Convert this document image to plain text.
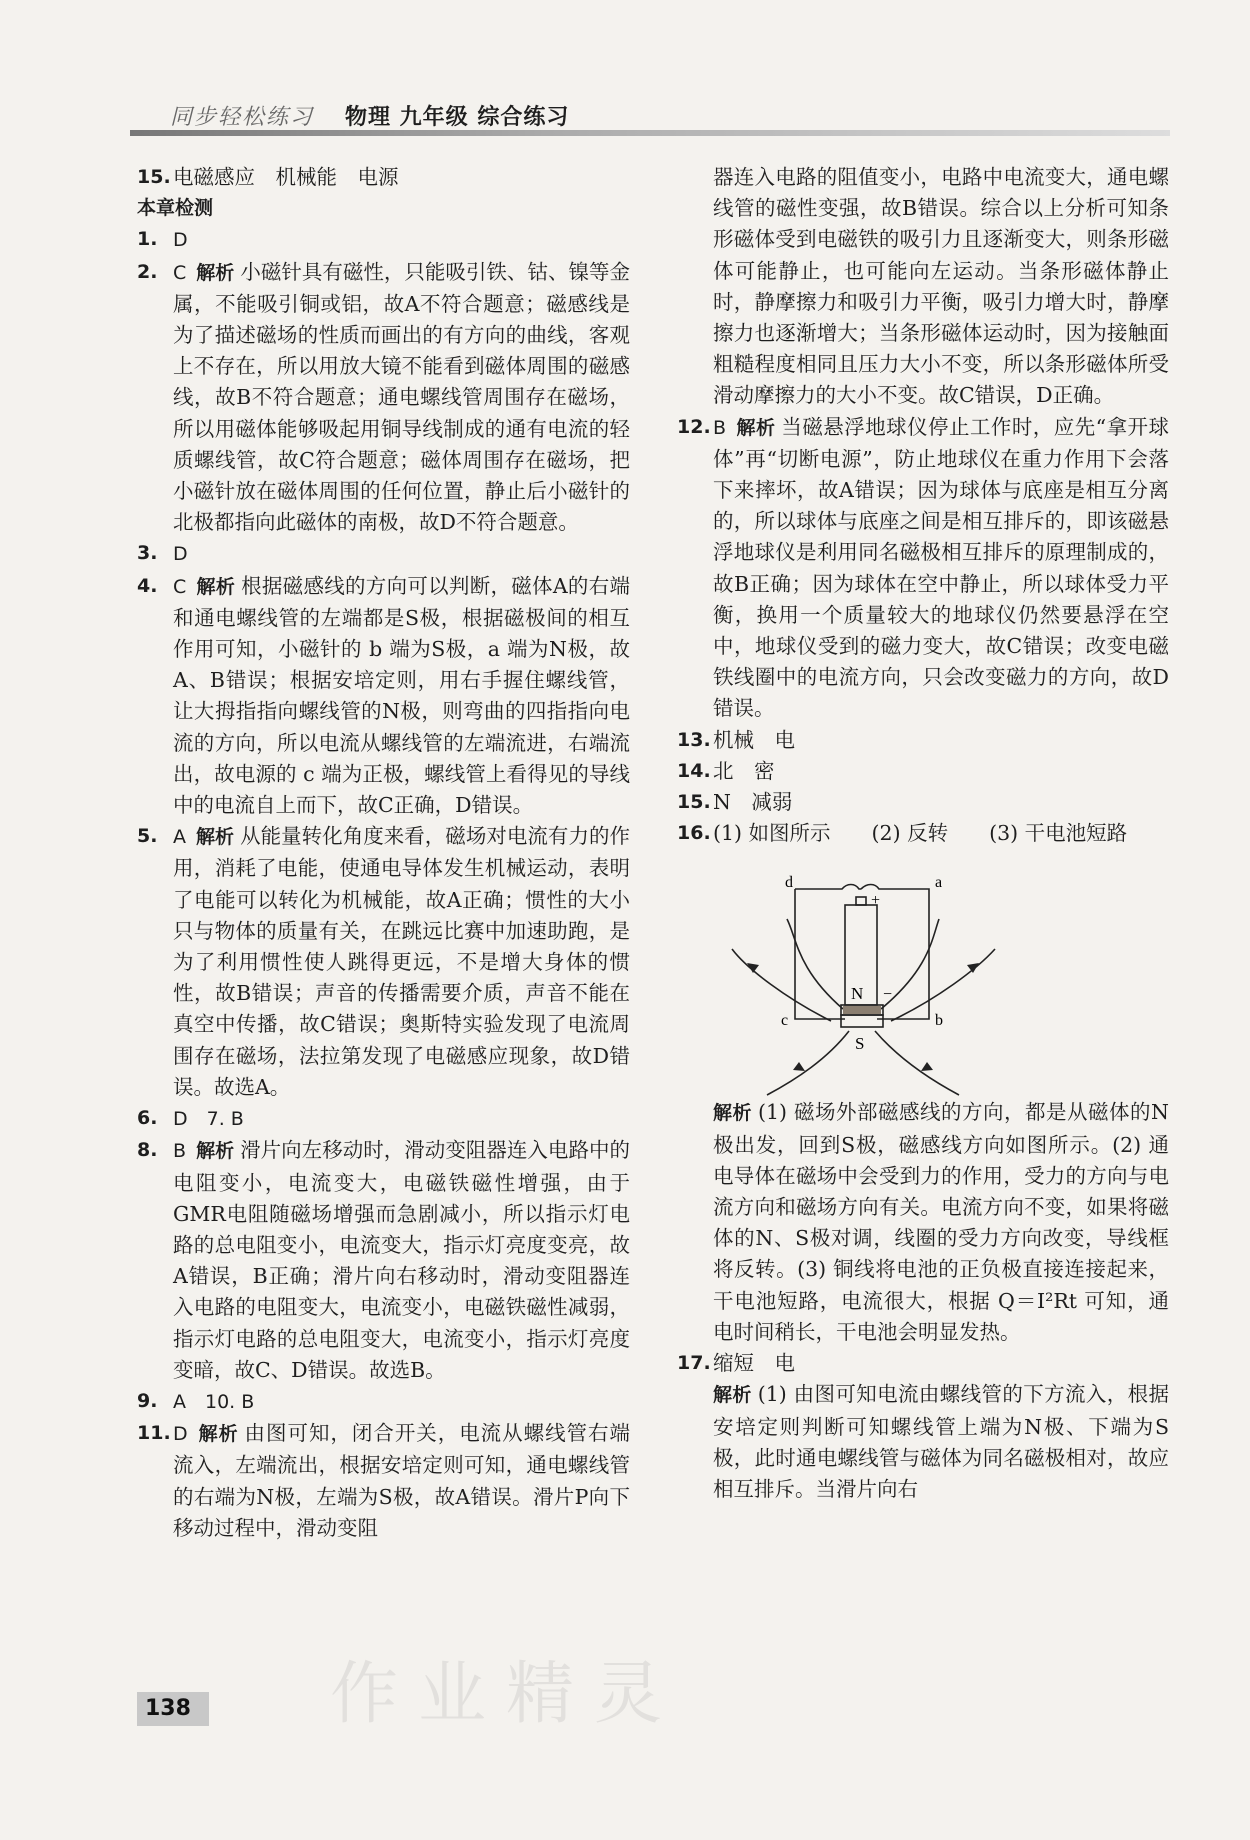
同步轻松练习 物理 九年级 综合练习
15. 电磁感应　机械能　电源
本章检测
1. D
2. C 解析 小磁针具有磁性，只能吸引铁、钴、镍等金属，不能吸引铜或铝，故A不符合题意；磁感线是为了描述磁场的性质而画出的有方向的曲线，客观上不存在，所以用放大镜不能看到磁体周围的磁感线，故B不符合题意；通电螺线管周围存在磁场，所以用磁体能够吸起用铜导线制成的通有电流的轻质螺线管，故C符合题意；磁体周围存在磁场，把小磁针放在磁体周围的任何位置，静止后小磁针的北极都指向此磁体的南极，故D不符合题意。
3. D
4. C 解析 根据磁感线的方向可以判断，磁体A的右端和通电螺线管的左端都是S极，根据磁极间的相互作用可知，小磁针的 b 端为S极，a 端为N极，故A、B错误；根据安培定则，用右手握住螺线管，让大拇指指向螺线管的N极，则弯曲的四指指向电流的方向，所以电流从螺线管的左端流进，右端流出，故电源的 c 端为正极，螺线管上看得见的导线中的电流自上而下，故C正确，D错误。
5. A 解析 从能量转化角度来看，磁场对电流有力的作用，消耗了电能，使通电导体发生机械运动，表明了电能可以转化为机械能，故A正确；惯性的大小只与物体的质量有关，在跳远比赛中加速助跑，是为了利用惯性使人跳得更远，不是增大身体的惯性，故B错误；声音的传播需要介质，声音不能在真空中传播，故C错误；奥斯特实验发现了电流周围存在磁场，法拉第发现了电磁感应现象，故D错误。故选A。
6. D　7. B
8. B 解析 滑片向左移动时，滑动变阻器连入电路中的电阻变小，电流变大，电磁铁磁性增强，由于GMR电阻随磁场增强而急剧减小，所以指示灯电路的总电阻变小，电流变大，指示灯亮度变亮，故A错误，B正确；滑片向右移动时，滑动变阻器连入电路的电阻变大，电流变小，电磁铁磁性减弱，指示灯电路的总电阻变大，电流变小，指示灯亮度变暗，故C、D错误。故选B。
9. A　10. B
11. D 解析 由图可知，闭合开关，电流从螺线管右端流入，左端流出，根据安培定则可知，通电螺线管的右端为N极，左端为S极，故A错误。滑片P向下移动过程中，滑动变阻
器连入电路的阻值变小，电路中电流变大，通电螺线管的磁性变强，故B错误。综合以上分析可知条形磁体受到电磁铁的吸引力且逐渐变大，则条形磁体可能静止，也可能向左运动。当条形磁体静止时，静摩擦力和吸引力平衡，吸引力增大时，静摩擦力也逐渐增大；当条形磁体运动时，因为接触面粗糙程度相同且压力大小不变，所以条形磁体所受滑动摩擦力的大小不变。故C错误，D正确。
12. B 解析 当磁悬浮地球仪停止工作时，应先“拿开球体”再“切断电源”，防止地球仪在重力作用下会落下来摔坏，故A错误；因为球体与底座是相互分离的，所以球体与底座之间是相互排斥的，即该磁悬浮地球仪是利用同名磁极相互排斥的原理制成的，故B正确；因为球体在空中静止，所以球体受力平衡，换用一个质量较大的地球仪仍然要悬浮在空中，地球仪受到的磁力变大，故C错误；改变电磁铁线圈中的电流方向，只会改变磁力的方向，故D错误。
13. 机械　电
14. 北　密
15. N　减弱
16. (1) 如图所示　　(2) 反转　　(3) 干电池短路
d	a
c	b
N
S
+
−
解析 (1) 磁场外部磁感线的方向，都是从磁体的N极出发，回到S极，磁感线方向如图所示。(2) 通电导体在磁场中会受到力的作用，受力的方向与电流方向和磁场方向有关。电流方向不变，如果将磁体的N、S极对调，线圈的受力方向改变，导线框将反转。(3) 铜线将电池的正负极直接连接起来，干电池短路，电流很大，根据 Q＝I²Rt 可知，通电时间稍长，干电池会明显发热。
17. 缩短　电
解析 (1) 由图可知电流由螺线管的下方流入，根据安培定则判断可知螺线管上端为N极、下端为S极，此时通电螺线管与磁体为同名磁极相对，故应相互排斥。当滑片向右
作业精灵
138
